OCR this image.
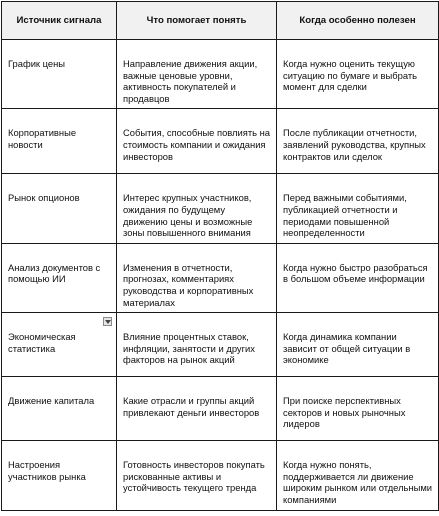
Источник сигнала	Что помогает понять	Когда особенно полезен

График цены	Направление движения акции, важные ценовые уровни, активность покупателей и продавцов	Когда нужно оценить текущую ситуацию по бумаге и выбрать момент для сделки

Корпоративные новости	События, способные повлиять на стоимость компании и ожидания инвесторов	После публикации отчетности, заявлений руководства, крупных контрактов или сделок

Рынок опционов	Интерес крупных участников, ожидания по будущему движению цены и возможные зоны повышенного внимания	Перед важными событиями, публикацией отчетности и периодами повышенной неопределенности

Анализ документов с помощью ИИ	Изменения в отчетности, прогнозах, комментариях руководства и корпоративных материалах	Когда нужно быстро разобраться в большом объеме информации

Экономическая статистика	Влияние процентных ставок, инфляции, занятости и других факторов на рынок акций	Когда динамика компании зависит от общей ситуации в экономике

Движение капитала	Какие отрасли и группы акций привлекают деньги инвесторов	При поиске перспективных секторов и новых рыночных лидеров

Настроения участников рынка	Готовность инвесторов покупать рискованные активы и устойчивость текущего тренда	Когда нужно понять, поддерживается ли движение широким рынком или отдельными компаниями
